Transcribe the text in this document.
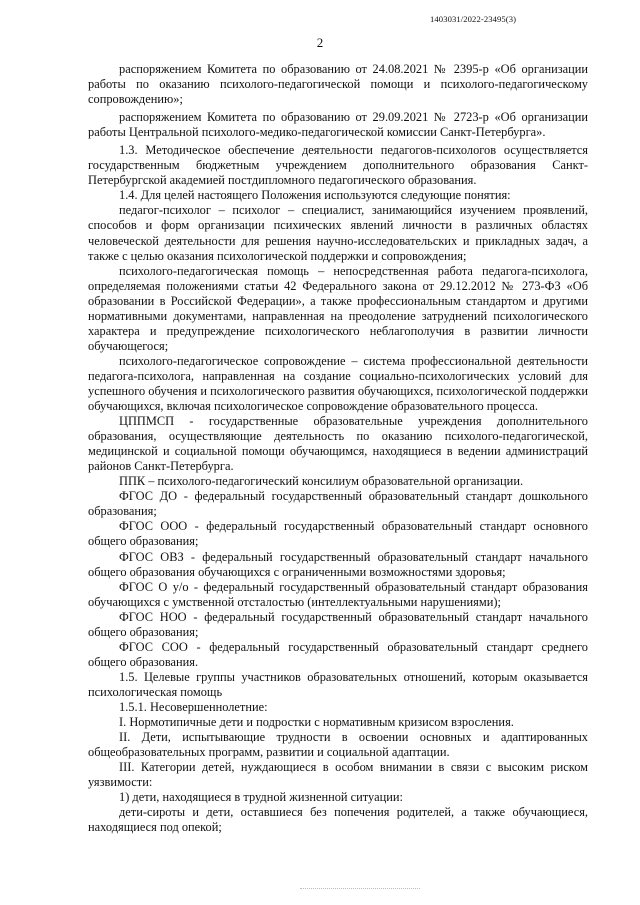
1403031/2022-23495(3)
2

распоряжением Комитета по образованию от 24.08.2021 № 2395-р «Об организации работы по оказанию психолого-педагогической помощи и психолого-педагогическому сопровождению»;

распоряжением Комитета по образованию от 29.09.2021 № 2723-р «Об организации работы Центральной психолого-медико-педагогической комиссии Санкт-Петербурга».

1.3. Методическое обеспечение деятельности педагогов-психологов осуществляется государственным бюджетным учреждением дополнительного образования Санкт-Петербургской академией постдипломного педагогического образования.

1.4. Для целей настоящего Положения используются следующие понятия:

педагог-психолог – психолог – специалист, занимающийся изучением проявлений, способов и форм организации психических явлений личности в различных областях человеческой деятельности для решения научно-исследовательских и прикладных задач, а также с целью оказания психологической поддержки и сопровождения;

психолого-педагогическая помощь – непосредственная работа педагога-психолога, определяемая положениями статьи 42 Федерального закона от 29.12.2012 № 273-ФЗ «Об образовании в Российской Федерации», а также профессиональным стандартом и другими нормативными документами, направленная на преодоление затруднений психологического характера и предупреждение психологического неблагополучия в развитии личности обучающегося;

психолого-педагогическое сопровождение – система профессиональной деятельности педагога-психолога, направленная на создание социально-психологических условий для успешного обучения и психологического развития обучающихся, психологической поддержки обучающихся, включая психологическое сопровождение образовательного процесса.

ЦППМСП - государственные образовательные учреждения дополнительного образования, осуществляющие деятельность по оказанию психолого-педагогической, медицинской и социальной помощи обучающимся, находящиеся в ведении администраций районов Санкт-Петербурга.

ППК – психолого-педагогический консилиум образовательной организации.

ФГОС ДО - федеральный государственный образовательный стандарт дошкольного образования;

ФГОС ООО - федеральный государственный образовательный стандарт основного общего образования;

ФГОС ОВЗ - федеральный государственный образовательный стандарт начального общего образования обучающихся с ограниченными возможностями здоровья;

ФГОС О у/о - федеральный государственный образовательный стандарт образования обучающихся с умственной отсталостью (интеллектуальными нарушениями);

ФГОС НОО - федеральный государственный образовательный стандарт начального общего образования;

ФГОС СОО - федеральный государственный образовательный стандарт среднего общего образования.

1.5. Целевые группы участников образовательных отношений, которым оказывается психологическая помощь

1.5.1. Несовершеннолетние:

I. Нормотипичные дети и подростки с нормативным кризисом взросления.

II. Дети, испытывающие трудности в освоении основных и адаптированных общеобразовательных программ, развитии и социальной адаптации.

III. Категории детей, нуждающиеся в особом внимании в связи с высоким риском уязвимости:

1) дети, находящиеся в трудной жизненной ситуации:

дети-сироты и дети, оставшиеся без попечения родителей, а также обучающиеся, находящиеся под опекой;
